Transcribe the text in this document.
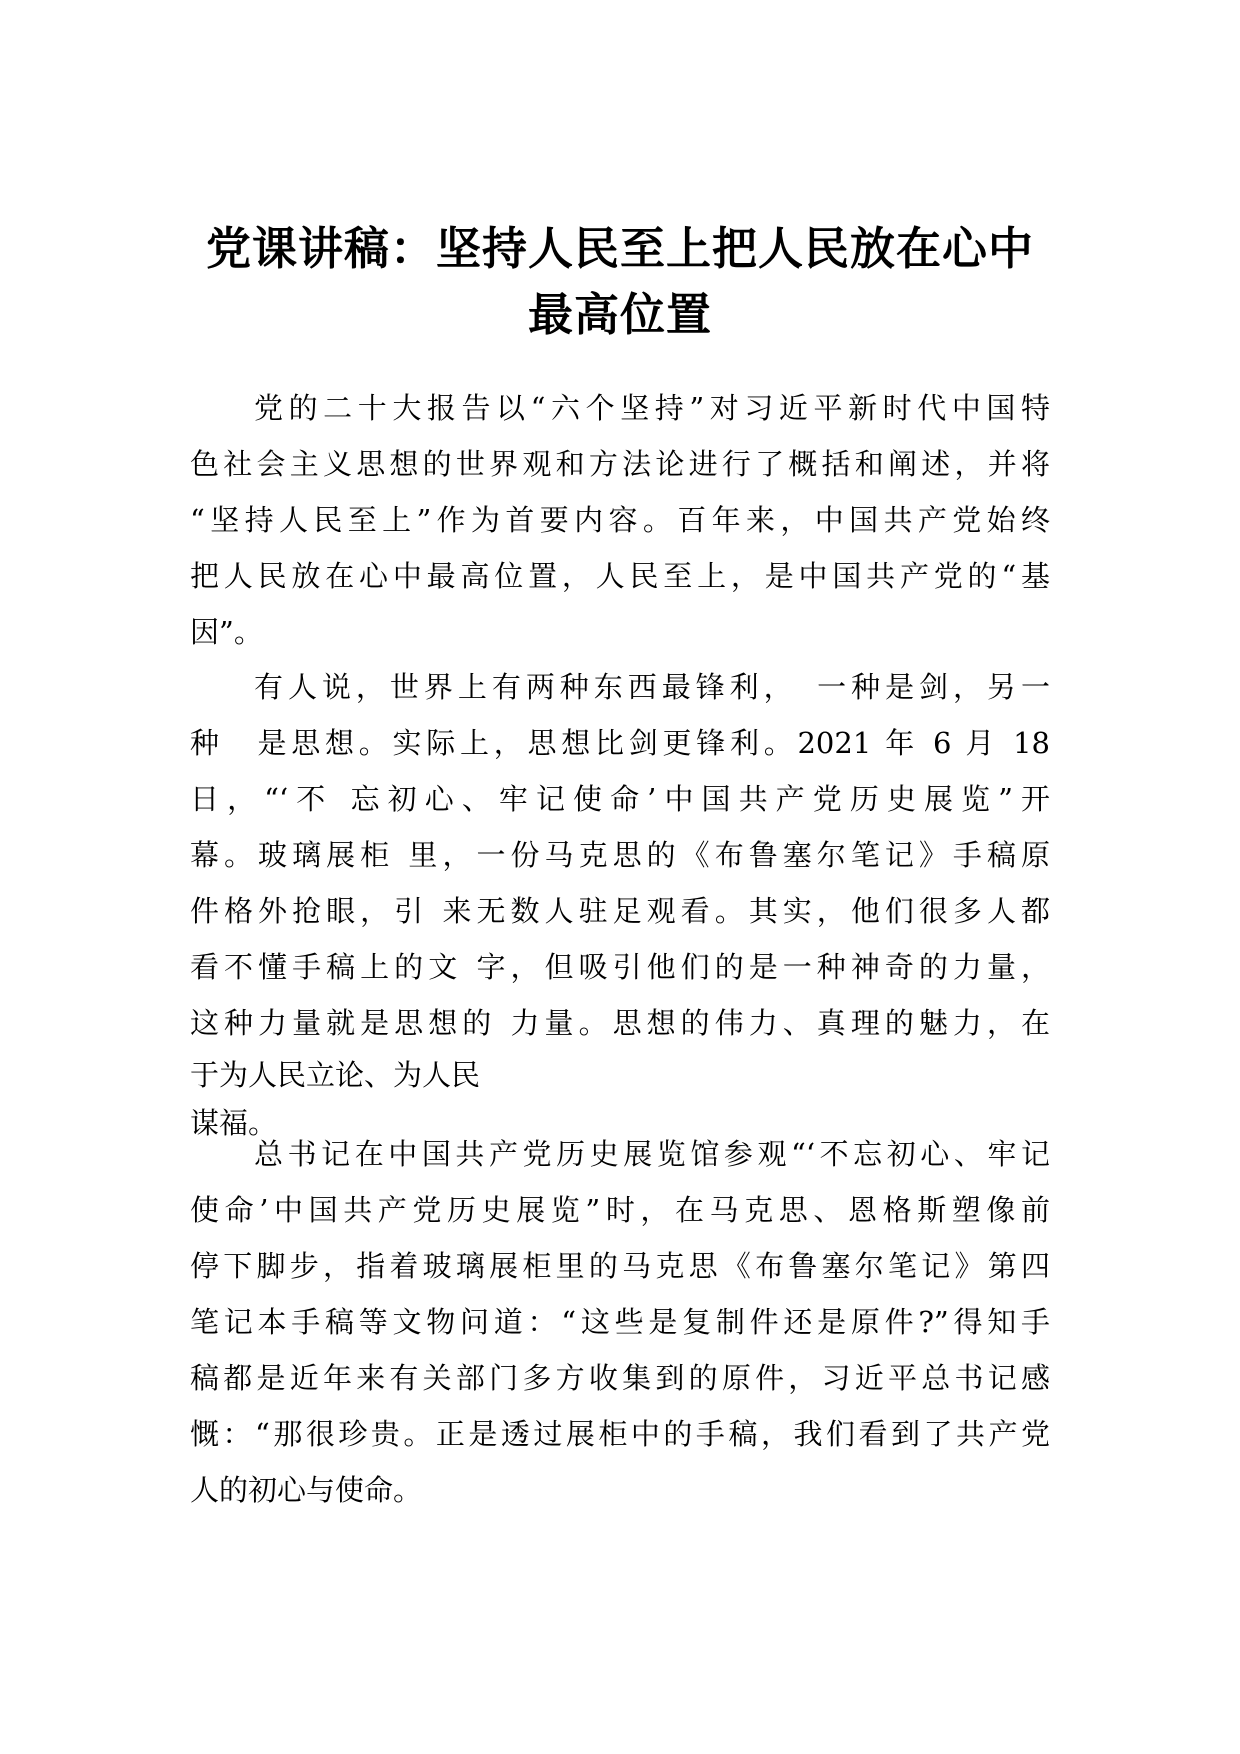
党课讲稿：坚持人民至上把人民放在心中
最高位置
党的二十大报告以“六个坚持”对习近平新时代中国特
色社会主义思想的世界观和方法论进行了概括和阐述，并将
“坚持人民至上”作为首要内容。百年来，中国共产党始终
把人民放在心中最高位置，人民至上，是中国共产党的“基
因”。
有人说，世界上有两种东西最锋利，　一种是剑，另一
种　是思想。实际上，思想比剑更锋利。2021 年 6 月 18
日，“‘不 忘初心、牢记使命’中国共产党历史展览”开
幕。玻璃展柜 里，一份马克思的《布鲁塞尔笔记》手稿原
件格外抢眼，引 来无数人驻足观看。其实，他们很多人都
看不懂手稿上的文 字，但吸引他们的是一种神奇的力量，
这种力量就是思想的 力量。思想的伟力、真理的魅力，在
于为人民立论、为人民
谋福。
总书记在中国共产党历史展览馆参观“‘不忘初心、牢记
使命’中国共产党历史展览”时，在马克思、恩格斯塑像前
停下脚步，指着玻璃展柜里的马克思《布鲁塞尔笔记》第四
笔记本手稿等文物问道：“这些是复制件还是原件?”得知手
稿都是近年来有关部门多方收集到的原件，习近平总书记感
慨：“那很珍贵。正是透过展柜中的手稿，我们看到了共产党
人的初心与使命。
